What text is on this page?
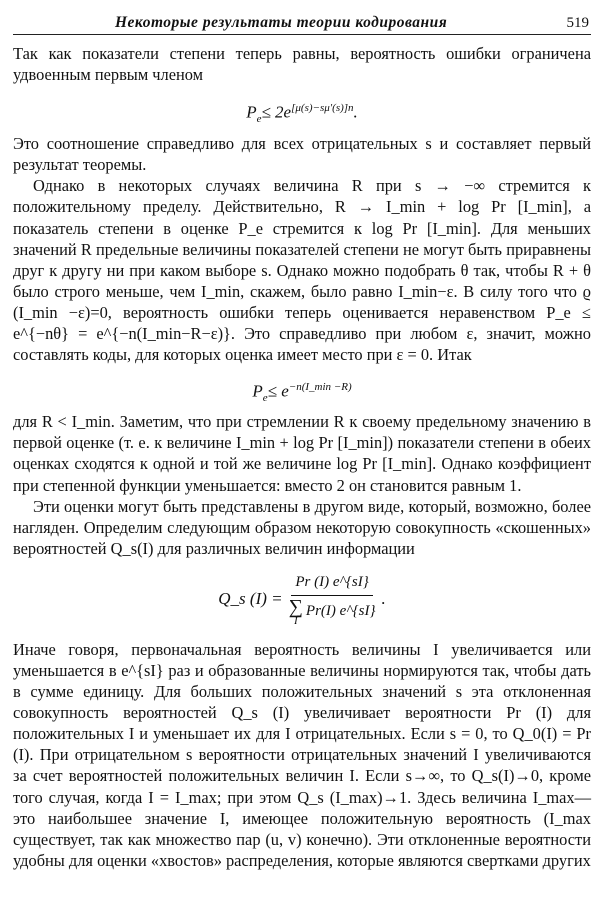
Некоторые результаты теории кодирования	519

Так как показатели степени теперь равны, вероятность ошибки ограничена удвоенным первым членом

$P_e\le 2e^{[\mu(s)-s\mu'(s)]n}$.

Это соотношение справедливо для всех отрицательных s и составляет первый результат теоремы.

Однако в некоторых случаях величина R при s → −∞ стремится к положительному пределу. Действительно, R → I_min + log Pr [I_min], а показатель степени в оценке P_e стремится к log Pr [I_min]. Для меньших значений R предельные величины показателей степени не могут быть приравнены друг к другу ни при каком выборе s. Однако можно подобрать θ так, чтобы R + θ было строго меньше, чем I_min, скажем, было равно I_min−ε. В силу того что ϱ (I_min −ε)=0, вероятность ошибки теперь оценивается неравенством P_e ≤ e^{−nθ} = e^{−n(I_min−R−ε)}. Это справедливо при любом ε, значит, можно составлять коды, для которых оценка имеет место при ε = 0. Итак

$P_e\le e^{-n(I\_min -R)}$

для R < I_min. Заметим, что при стремлении R к своему предельному значению в первой оценке (т. е. к величине I_min + log Pr [I_min]) показатели степени в обеих оценках сходятся к одной и той же величине log Pr [I_min]. Однако коэффициент при степенной функции уменьшается: вместо 2 он становится равным 1.

Эти оценки могут быть представлены в другом виде, который, возможно, более нагляден. Определим следующим образом некоторую совокупность «скошенных» вероятностей Q_s(I) для различных величин информации

Q_s (I) = Pr (I) e^{sI}
∑
I
Pr(I) e^{sI} .

Иначе говоря, первоначальная вероятность величины I увеличивается или уменьшается в e^{sI} раз и образованные величины нормируются так, чтобы дать в сумме единицу. Для больших положительных значений s эта отклоненная совокупность вероятностей Q_s (I) увеличивает вероятности Pr (I) для положительных I и уменьшает их для I отрицательных. Если s = 0, то Q_0(I) = Pr (I). При отрицательном s вероятности отрицательных значений I увеличиваются за счет вероятностей положительных величин I. Если s→∞, то Q_s(I)→0, кроме того случая, когда I = I_max; при этом Q_s (I_max)→1. Здесь величина I_max— это наибольшее значение I, имеющее положительную вероятность (I_max существует, так как множество пар (u, v) конечно). Эти отклоненные вероятности удобны для оценки «хвостов» распределения, которые являются свертками других
